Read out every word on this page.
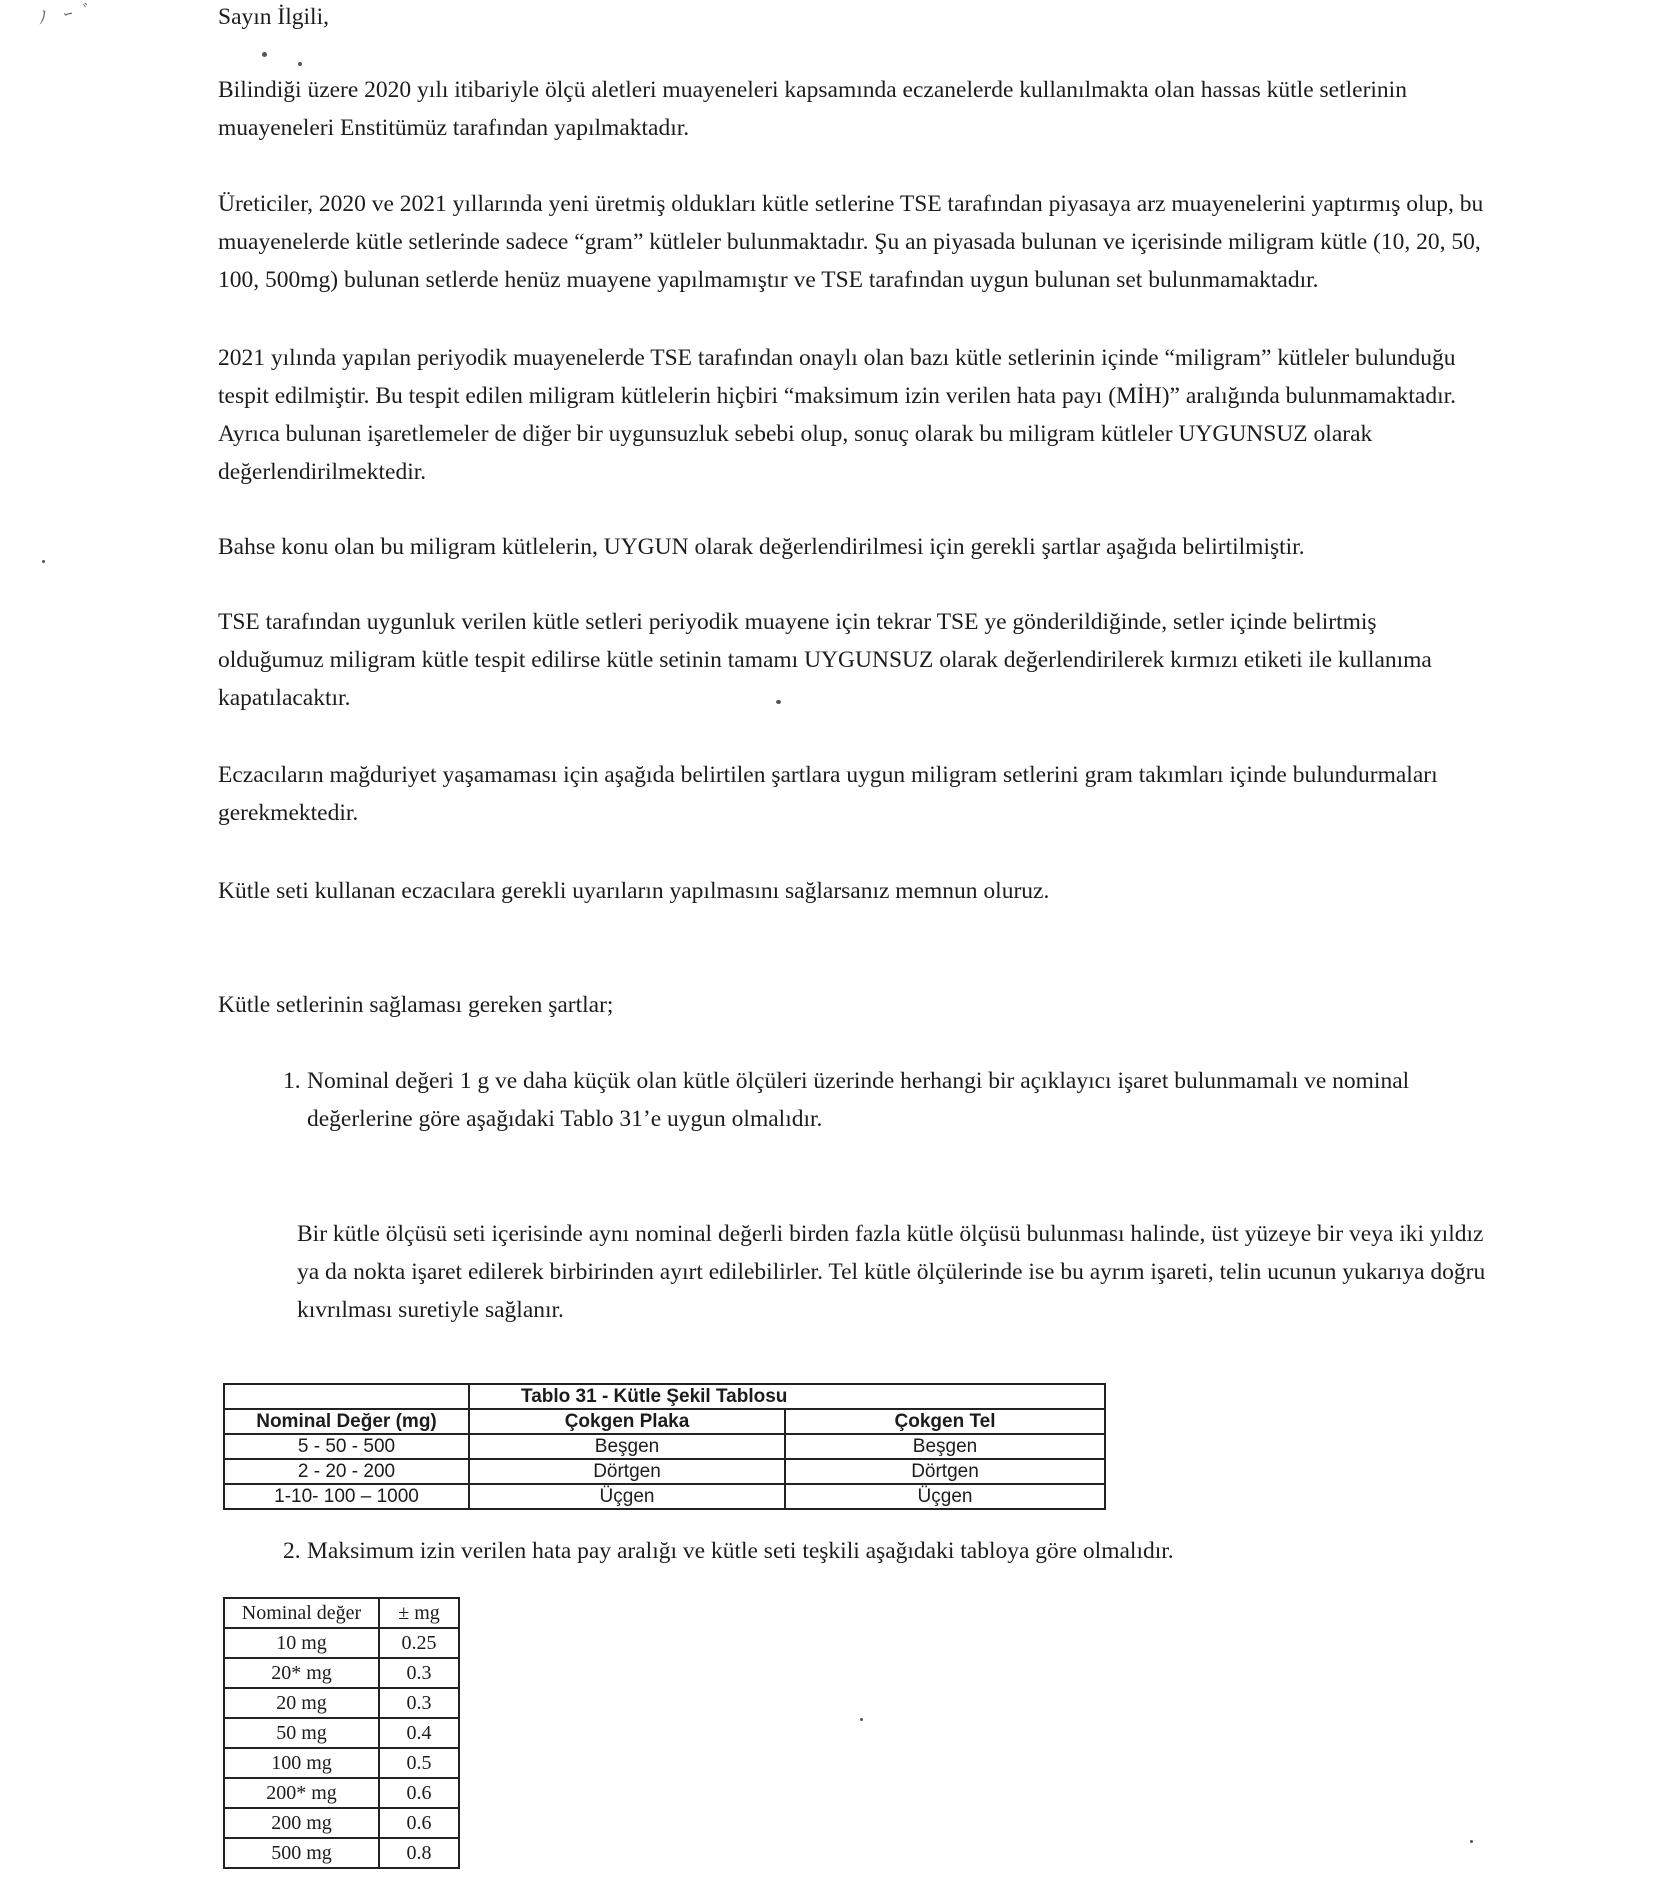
ﾉ ｰ ﾞ	Sayın İlgili,

Bilindiği üzere 2020 yılı itibariyle ölçü aletleri muayeneleri kapsamında eczanelerde kullanılmakta olan hassas kütle setlerinin
muayeneleri Enstitümüz tarafından yapılmaktadır.

Üreticiler, 2020 ve 2021 yıllarında yeni üretmiş oldukları kütle setlerine TSE tarafından piyasaya arz muayenelerini yaptırmış olup, bu
muayenelerde kütle setlerinde sadece “gram” kütleler bulunmaktadır. Şu an piyasada bulunan ve içerisinde miligram kütle (10, 20, 50,
100, 500mg) bulunan setlerde henüz muayene yapılmamıştır ve TSE tarafından uygun bulunan set bulunmamaktadır.

2021 yılında yapılan periyodik muayenelerde TSE tarafından onaylı olan bazı kütle setlerinin içinde “miligram” kütleler bulunduğu
tespit edilmiştir. Bu tespit edilen miligram kütlelerin hiçbiri “maksimum izin verilen hata payı (MİH)” aralığında bulunmamaktadır.
Ayrıca bulunan işaretlemeler de diğer bir uygunsuzluk sebebi olup, sonuç olarak bu miligram kütleler UYGUNSUZ olarak
değerlendirilmektedir.

Bahse konu olan bu miligram kütlelerin, UYGUN olarak değerlendirilmesi için gerekli şartlar aşağıda belirtilmiştir.

TSE tarafından uygunluk verilen kütle setleri periyodik muayene için tekrar TSE ye gönderildiğinde, setler içinde belirtmiş
olduğumuz miligram kütle tespit edilirse kütle setinin tamamı UYGUNSUZ olarak değerlendirilerek kırmızı etiketi ile kullanıma
kapatılacaktır.

Eczacıların mağduriyet yaşamaması için aşağıda belirtilen şartlara uygun miligram setlerini gram takımları içinde bulundurmaları
gerekmektedir.

Kütle seti kullanan eczacılara gerekli uyarıların yapılmasını sağlarsanız memnun oluruz.

Kütle setlerinin sağlaması gereken şartlar;

1. Nominal değeri 1 g ve daha küçük olan kütle ölçüleri üzerinde herhangi bir açıklayıcı işaret bulunmamalı ve nominal
değerlerine göre aşağıdaki Tablo 31’e uygun olmalıdır.

Bir kütle ölçüsü seti içerisinde aynı nominal değerli birden fazla kütle ölçüsü bulunması halinde, üst yüzeye bir veya iki yıldız
ya da nokta işaret edilerek birbirinden ayırt edilebilirler. Tel kütle ölçülerinde ise bu ayrım işareti, telin ucunun yukarıya doğru
kıvrılması suretiyle sağlanır.

	Tablo 31 - Kütle Şekil Tablosu	
Nominal Değer (mg)	Çokgen Plaka	Çokgen Tel
5 - 50 - 500	Beşgen	Beşgen
2 - 20 - 200	Dörtgen	Dörtgen
1-10- 100 – 1000	Üçgen	Üçgen

2. Maksimum izin verilen hata pay aralığı ve kütle seti teşkili aşağıdaki tabloya göre olmalıdır.

Nominal değer	± mg
10 mg	0.25
20* mg	0.3
20 mg	0.3
50 mg	0.4
100 mg	0.5
200* mg	0.6
200 mg	0.6
500 mg	0.8
